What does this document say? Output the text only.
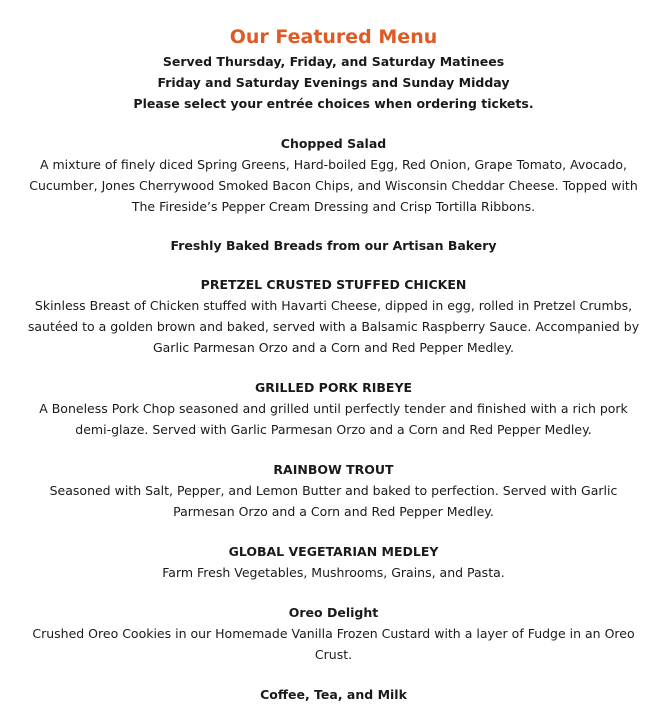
Our Featured Menu

Served Thursday, Friday, and Saturday Matinees

Friday and Saturday Evenings and Sunday Midday

Please select your entrée choices when ordering tickets.

Chopped Salad

A mixture of finely diced Spring Greens, Hard-boiled Egg, Red Onion, Grape Tomato, Avocado,

Cucumber, Jones Cherrywood Smoked Bacon Chips, and Wisconsin Cheddar Cheese. Topped with

The Fireside’s Pepper Cream Dressing and Crisp Tortilla Ribbons.

Freshly Baked Breads from our Artisan Bakery

PRETZEL CRUSTED STUFFED CHICKEN

Skinless Breast of Chicken stuffed with Havarti Cheese, dipped in egg, rolled in Pretzel Crumbs,

sautéed to a golden brown and baked, served with a Balsamic Raspberry Sauce. Accompanied by

Garlic Parmesan Orzo and a Corn and Red Pepper Medley.

GRILLED PORK RIBEYE

A Boneless Pork Chop seasoned and grilled until perfectly tender and finished with a rich pork

demi-glaze. Served with Garlic Parmesan Orzo and a Corn and Red Pepper Medley.

RAINBOW TROUT

Seasoned with Salt, Pepper, and Lemon Butter and baked to perfection. Served with Garlic

Parmesan Orzo and a Corn and Red Pepper Medley.

GLOBAL VEGETARIAN MEDLEY

Farm Fresh Vegetables, Mushrooms, Grains, and Pasta.

Oreo Delight

Crushed Oreo Cookies in our Homemade Vanilla Frozen Custard with a layer of Fudge in an Oreo

Crust.

Coffee, Tea, and Milk
